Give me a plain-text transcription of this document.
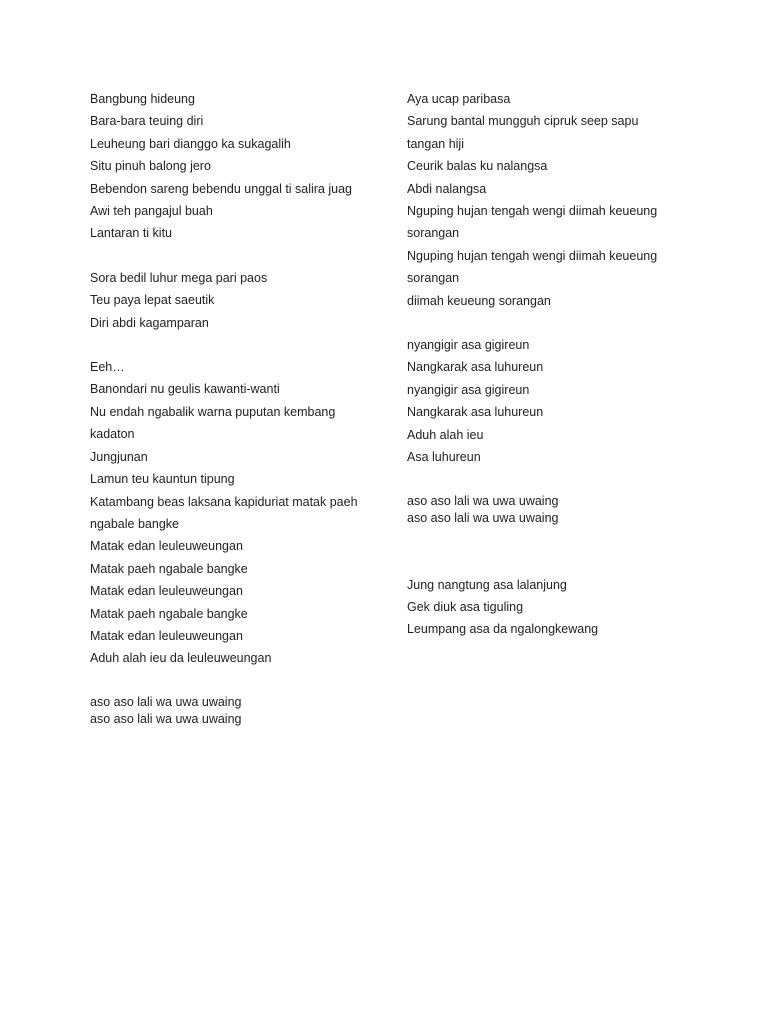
Bangbung hideung
Bara-bara teuing diri
Leuheung bari dianggo ka sukagalih
Situ pinuh balong jero
Bebendon sareng bebendu unggal ti salira juag
Awi teh pangajul buah
Lantaran ti kitu
Sora bedil luhur mega pari paos
Teu paya lepat saeutik
Diri abdi kagamparan
Eeh…
Banondari nu geulis kawanti-wanti
Nu endah ngabalik warna puputan kembang
kadaton
Jungjunan
Lamun teu kauntun tipung
Katambang beas laksana kapiduriat matak paeh
ngabale bangke
Matak edan leuleuweungan
Matak paeh ngabale bangke
Matak edan leuleuweungan
Matak paeh ngabale bangke
Matak edan leuleuweungan
Aduh alah ieu da leuleuweungan
aso aso lali wa uwa uwaing
aso aso lali wa uwa uwaing
Aya ucap paribasa
Sarung bantal mungguh cipruk seep sapu
tangan hiji
Ceurik balas ku nalangsa
Abdi nalangsa
Nguping hujan tengah wengi diimah keueung
sorangan
Nguping hujan tengah wengi diimah keueung
sorangan
diimah keueung sorangan
nyangigir asa gigireun
Nangkarak asa luhureun
nyangigir asa gigireun
Nangkarak asa luhureun
Aduh alah ieu
Asa luhureun
aso aso lali wa uwa uwaing
aso aso lali wa uwa uwaing
Jung nangtung asa lalanjung
Gek diuk asa tiguling
Leumpang asa da ngalongkewang
